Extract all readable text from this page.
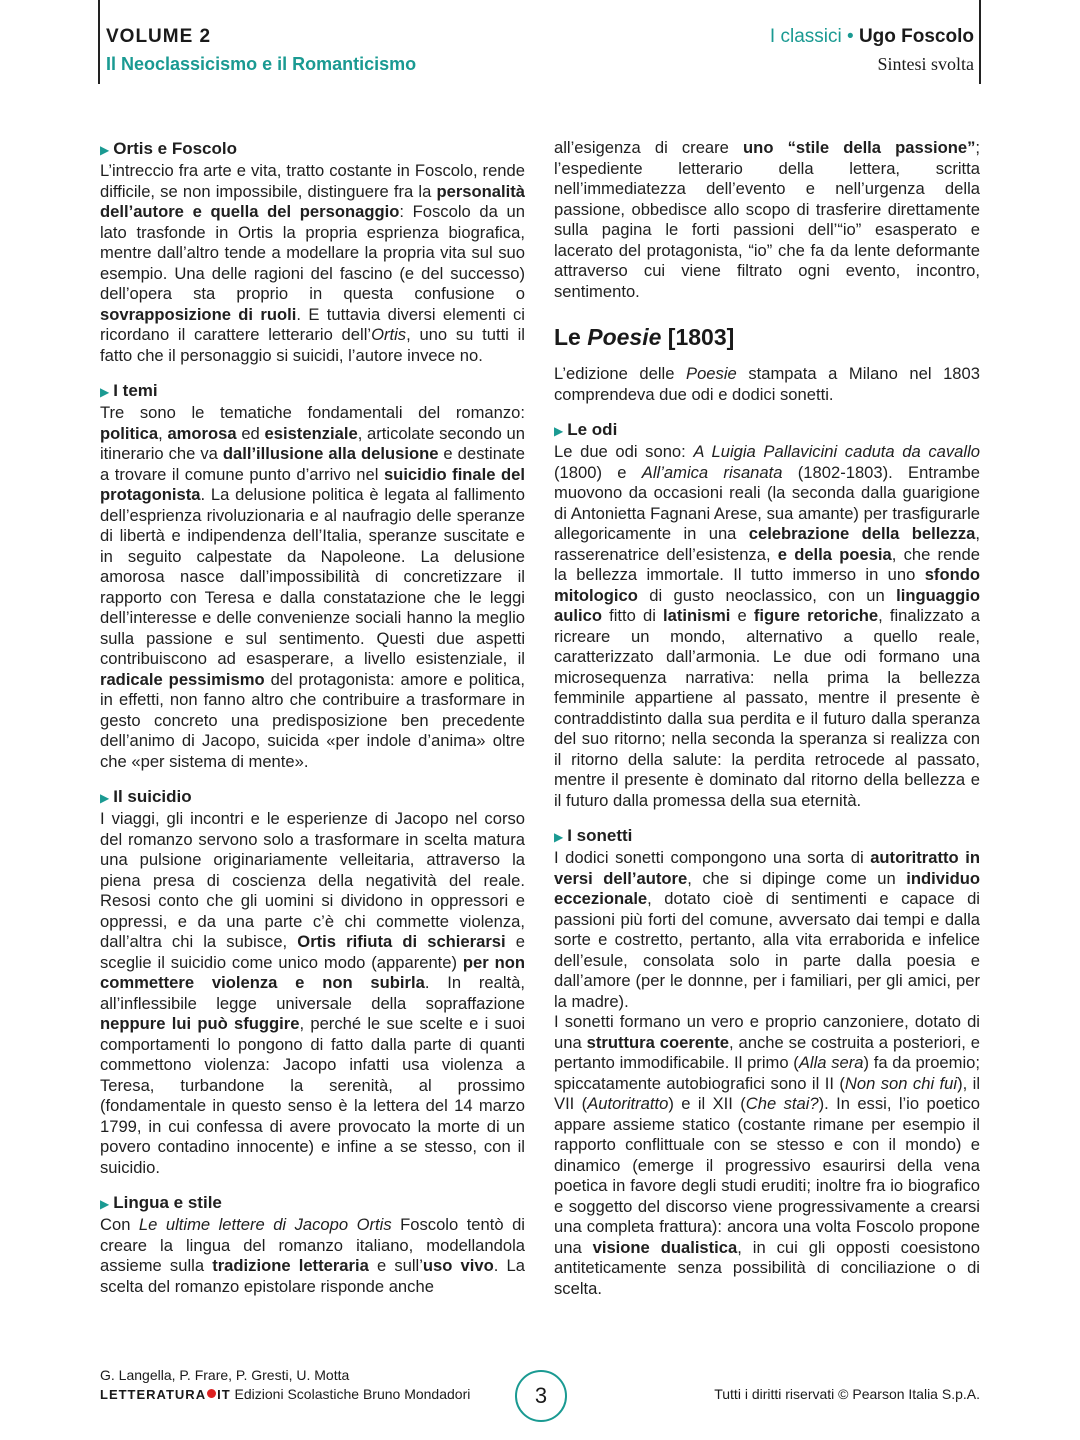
VOLUME 2
Il Neoclassicismo e il Romanticismo
I classici • Ugo Foscolo
Sintesi svolta
▶ Ortis e Foscolo

L’intreccio fra arte e vita, tratto costante in Foscolo, rende difficile, se non impossibile, distinguere fra la personalità dell’autore e quella del personaggio: Foscolo da un lato trasfonde in Ortis la propria esprienza biografica, mentre dall’altro tende a modellare la propria vita sul suo esempio. Una delle ragioni del fascino (e del successo) dell’opera sta proprio in questa confusione o sovrapposizione di ruoli. E tuttavia diversi elementi ci ricordano il carattere letterario dell’Ortis, uno su tutti il fatto che il personaggio si suicidi, l’autore invece no.

▶ I temi

Tre sono le tematiche fondamentali del romanzo: politica, amorosa ed esistenziale, articolate secondo un itinerario che va dall’illusione alla delusione e destinate a trovare il comune punto d’arrivo nel suicidio finale del protagonista. La delusione politica è legata al fallimento dell’esprienza rivoluzionaria e al naufragio delle speranze di libertà e indipendenza dell’Italia, speranze suscitate e in seguito calpestate da Napoleone. La delusione amorosa nasce dall’impossibilità di concretizzare il rapporto con Teresa e dalla constatazione che le leggi dell’interesse e delle convenienze sociali hanno la meglio sulla passione e sul sentimento. Questi due aspetti contribuiscono ad esasperare, a livello esistenziale, il radicale pessimismo del protagonista: amore e politica, in effetti, non fanno altro che contribuire a trasformare in gesto concreto una predisposizione ben precedente dell’animo di Jacopo, suicida «per indole d’anima» oltre che «per sistema di mente».

▶ Il suicidio

I viaggi, gli incontri e le esperienze di Jacopo nel corso del romanzo servono solo a trasformare in scelta matura una pulsione originariamente velleitaria, attraverso la piena presa di coscienza della negatività del reale. Resosi conto che gli uomini si dividono in oppressori e oppressi, e da una parte c’è chi commette violenza, dall’altra chi la subisce, Ortis rifiuta di schierarsi e sceglie il suicidio come unico modo (apparente) per non commettere violenza e non subirla. In realtà, all’inflessibile legge universale della sopraffazione neppure lui può sfuggire, perché le sue scelte e i suoi comportamenti lo pongono di fatto dalla parte di quanti commettono violenza: Jacopo infatti usa violenza a Teresa, turbandone la serenità, al prossimo (fondamentale in questo senso è la lettera del 14 marzo 1799, in cui confessa di avere provocato la morte di un povero contadino innocente) e infine a se stesso, con il suicidio.

▶ Lingua e stile

Con Le ultime lettere di Jacopo Ortis Foscolo tentò di creare la lingua del romanzo italiano, modellandola assieme sulla tradizione letteraria e sull’uso vivo. La scelta del romanzo epistolare risponde anche

all’esigenza di creare uno “stile della passione”; l’espediente letterario della lettera, scritta nell’immediatezza dell’evento e nell’urgenza della passione, obbedisce allo scopo di trasferire direttamente sulla pagina le forti passioni dell’“io” esasperato e lacerato del protagonista, “io” che fa da lente deformante attraverso cui viene filtrato ogni evento, incontro, sentimento.

Le Poesie [1803]

L’edizione delle Poesie stampata a Milano nel 1803 comprendeva due odi e dodici sonetti.

▶ Le odi

Le due odi sono: A Luigia Pallavicini caduta da cavallo (1800) e All’amica risanata (1802-1803). Entrambe muovono da occasioni reali (la seconda dalla guarigione di Antonietta Fagnani Arese, sua amante) per trasfigurarle allegoricamente in una celebrazione della bellezza, rasserenatrice dell’esistenza, e della poesia, che rende la bellezza immortale. Il tutto immerso in uno sfondo mitologico di gusto neoclassico, con un linguaggio aulico fitto di latinismi e figure retoriche, finalizzato a ricreare un mondo, alternativo a quello reale, caratterizzato dall’armonia. Le due odi formano una microsequenza narrativa: nella prima la bellezza femminile appartiene al passato, mentre il presente è contraddistinto dalla sua perdita e il futuro dalla speranza del suo ritorno; nella seconda la speranza si realizza con il ritorno della salute: la perdita retrocede al passato, mentre il presente è dominato dal ritorno della bellezza e il futuro dalla promessa della sua eternità.

▶ I sonetti

I dodici sonetti compongono una sorta di autoritratto in versi dell’autore, che si dipinge come un individuo eccezionale, dotato cioè di sentimenti e capace di passioni più forti del comune, avversato dai tempi e dalla sorte e costretto, pertanto, alla vita erraborida e infelice dell’esule, consolata solo in parte dalla poesia e dall’amore (per le donnne, per i familiari, per gli amici, per la madre).

I sonetti formano un vero e proprio canzoniere, dotato di una struttura coerente, anche se costruita a posteriori, e pertanto immodificabile. Il primo (Alla sera) fa da proemio; spiccatamente autobiografici sono il II (Non son chi fui), il VII (Autoritratto) e il XII (Che stai?). In essi, l’io poetico appare assieme statico (costante rimane per esempio il rapporto conflittuale con se stesso e con il mondo) e dinamico (emerge il progressivo esaurirsi della vena poetica in favore degli studi eruditi; inoltre fra io biografico e soggetto del discorso viene progressivamente a crearsi una completa frattura): ancora una volta Foscolo propone una visione dualistica, in cui gli opposti coesistono antiteticamente senza possibilità di conciliazione o di scelta.

G. Langella, P. Frare, P. Gresti, U. Motta
LETTERATURA IT Edizioni Scolastiche Bruno Mondadori	3	Tutti i diritti riservati © Pearson Italia S.p.A.
